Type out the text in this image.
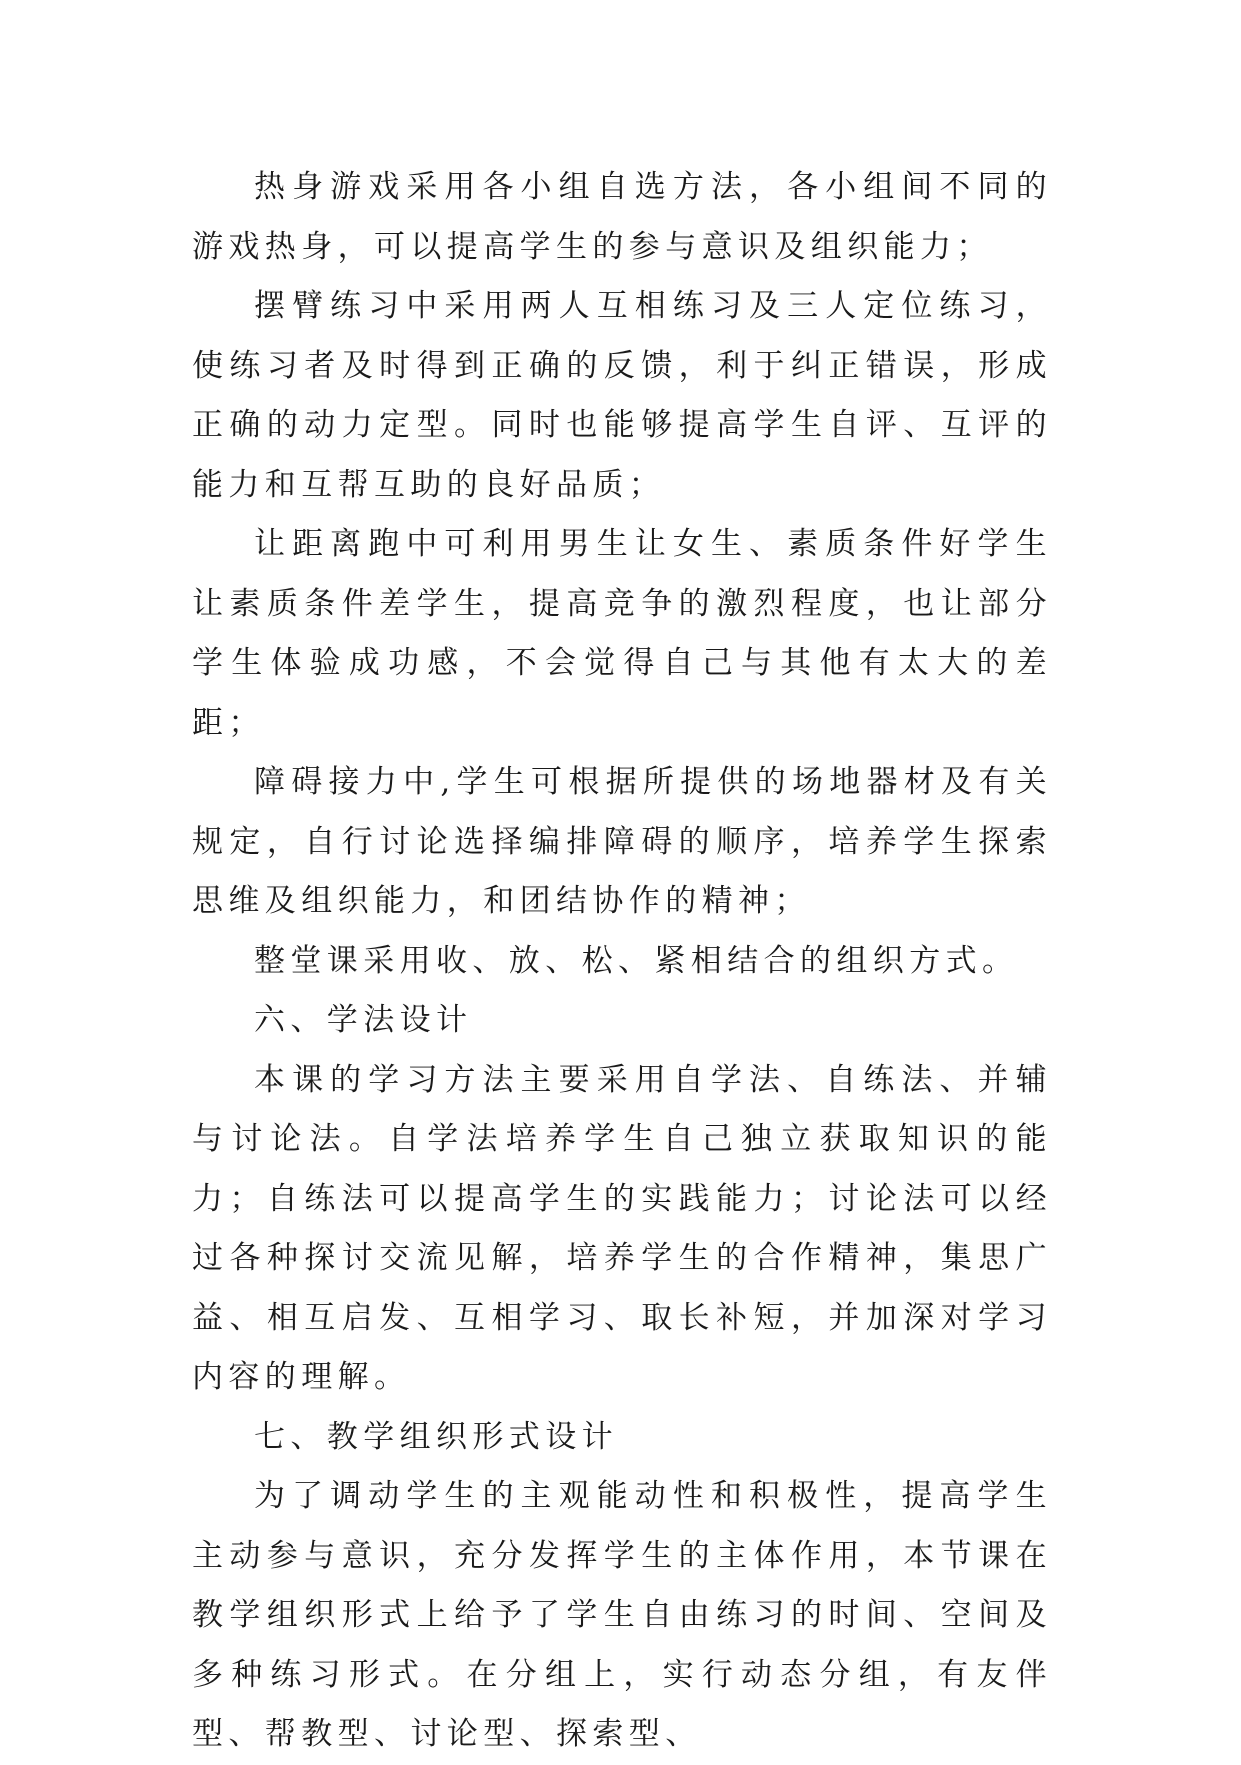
热身游戏采用各小组自选方法，各小组间不同的游戏热身，可以提高学生的参与意识及组织能力；

摆臂练习中采用两人互相练习及三人定位练习，使练习者及时得到正确的反馈，利于纠正错误，形成正确的动力定型。同时也能够提高学生自评、互评的能力和互帮互助的良好品质；

让距离跑中可利用男生让女生、素质条件好学生让素质条件差学生，提高竞争的激烈程度，也让部分学生体验成功感，不会觉得自己与其他有太大的差距；

障碍接力中,学生可根据所提供的场地器材及有关规定，自行讨论选择编排障碍的顺序，培养学生探索思维及组织能力，和团结协作的精神；

整堂课采用收、放、松、紧相结合的组织方式。

六、学法设计

本课的学习方法主要采用自学法、自练法、并辅与讨论法。自学法培养学生自己独立获取知识的能力；自练法可以提高学生的实践能力；讨论法可以经过各种探讨交流见解，培养学生的合作精神，集思广益、相互启发、互相学习、取长补短，并加深对学习内容的理解。

七、教学组织形式设计

为了调动学生的主观能动性和积极性，提高学生主动参与意识，充分发挥学生的主体作用，本节课在教学组织形式上给予了学生自由练习的时间、空间及多种练习形式。在分组上，实行动态分组，有友伴型、帮教型、讨论型、探索型、
